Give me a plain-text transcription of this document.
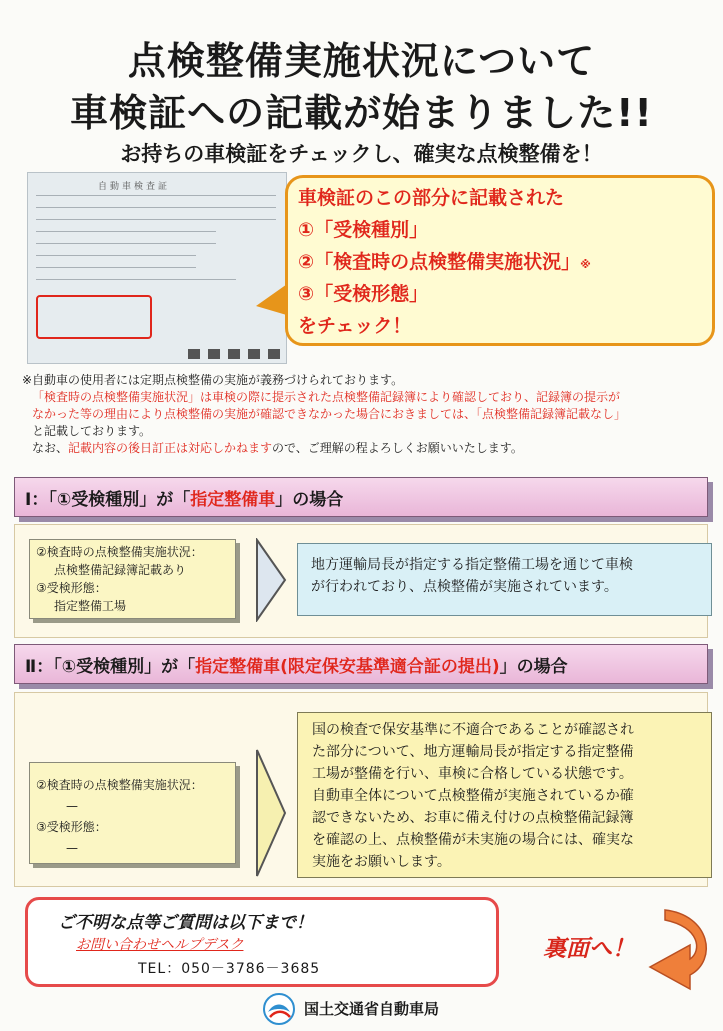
点検整備実施状況について
車検証への記載が始まりました!!
お持ちの車検証をチェックし、確実な点検整備を！
自動車検査証	車検証のこの部分に記載された

①「受検種別」

②「検査時の点検整備実施状況」※

③「受検形態」

をチェック！

※自動車の使用者には定期点検整備の実施が義務づけられております。
「検査時の点検整備実施状況」は車検の際に提示された点検整備記録簿により確認しており、記録簿の提示が
なかった等の理由により点検整備の実施が確認できなかった場合におきましては、「点検整備記録簿記載なし」
と記載しております。
なお、記載内容の後日訂正は対応しかねますので、ご理解の程よろしくお願いいたします。
Ⅰ：「①受検種別」が「指定整備車」の場合
②検査時の点検整備実施状況：
点検整備記録簿記載あり
③受検形態：
指定整備工場
地方運輸局長が指定する指定整備工場を通じて車検
が行われており、点検整備が実施されています。
Ⅱ：「①受検種別」が「指定整備車(限定保安基準適合証の提出)」の場合
②検査時の点検整備実施状況：
—
③受検形態：
—
国の検査で保安基準に不適合であることが確認され
た部分について、地方運輸局長が指定する指定整備
工場が整備を行い、車検に合格している状態です。
自動車全体について点検整備が実施されているか確
認できないため、お車に備え付けの点検整備記録簿
を確認の上、点検整備が未実施の場合には、確実な
実施をお願いします。
ご不明な点等ご質問は以下まで！
お問い合わせヘルプデスク
TEL：050－3786－3685
裏面へ！
国土交通省自動車局
